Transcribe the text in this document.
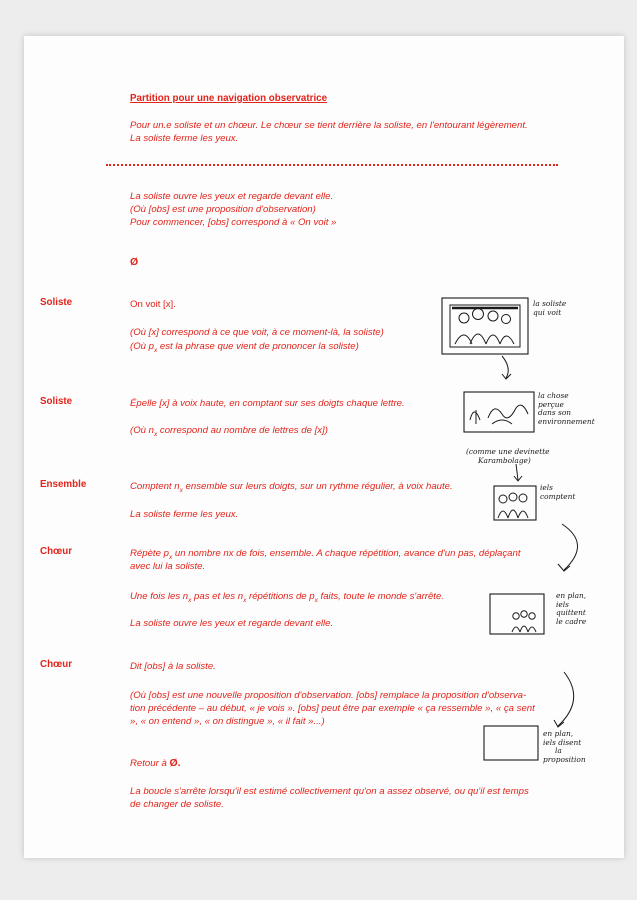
Partition pour une navigation observatrice
Pour un.e soliste et un chœur. Le chœur se tient derrière la soliste, en l'entourant légèrement.
La soliste ferme les yeux.
La soliste ouvre les yeux et regarde devant elle.
(Où [obs] est une proposition d'observation)
Pour commencer, [obs] correspond à « On voit »
Ø
Soliste	On voit [x].
(Où [x] correspond à ce que voit, à ce moment-là, la soliste)
(Où $p_x$ est la phrase que vient de prononcer la soliste)
Soliste	Épelle [x] à voix haute, en comptant sur ses doigts chaque lettre.
(Où $n_x$ correspond au nombre de lettres de [x])
Ensemble	Comptent $n_x$ ensemble sur leurs doigts, sur un rythme régulier, à voix haute.
La soliste ferme les yeux.
Chœur	Répète $p_x$ un nombre nx de fois, ensemble. A chaque répétition, avance d'un pas, déplaçant
avec lui la soliste.
Une fois les $n_x$ pas et les $n_x$ répétitions de $p_x$ faits, toute le monde s'arrête.
La soliste ouvre les yeux et regarde devant elle.
Chœur	Dit [obs] à la soliste.
(Où [obs] est une nouvelle proposition d'observation. [obs] remplace la proposition d'observa-
tion précédente – au début, « je vois ». [obs] peut être par exemple « ça ressemble », « ça sent
», « on entend », « on distingue », « il fait »...)
Retour à Ø.
La boucle s'arrête lorsqu'il est estimé collectivement qu'on a assez observé, ou qu'il est temps
de changer de soliste.
la soliste
qui voit
la chose
perçue
dans son
environnement
(comme une devinette
Karambolage)
iels
comptent
en plan,
iels
quittent
le cadre
en plan,
iels disent
la
proposition
